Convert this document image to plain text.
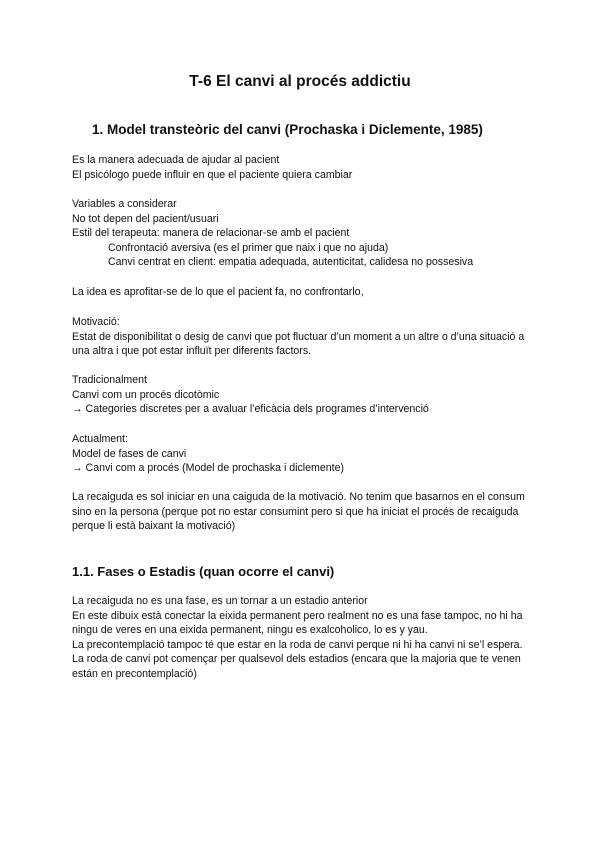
T-6 El canvi al procés addictiu
1. Model transteòric del canvi (Prochaska i Diclemente, 1985)
Es la manera adecuada de ajudar al pacient
El psicólogo puede influir en que el paciente quiera cambiar
Variables a considerar
No tot depen del pacient/usuari
Estil del terapeuta: manera de relacionar-se amb el pacient
Confrontació aversiva (es el primer que naix i que no ajuda)
Canvi centrat en client: empatia adequada, autenticitat, calidesa no possesiva
La idea es aprofitar-se de lo que el pacient fa, no confrontarlo,
Motivació:
Estat de disponibilitat o desig de canvi que pot fluctuar d’un moment a un altre o d’una situació a una altra i que pot estar influït per diferents factors.
Tradicionalment
Canvi com un procés dicotòmic
→ Categories discretes per a avaluar l’eficàcia dels programes d’intervenció
Actualment:
Model de fases de canvi
→ Canvi com a procés (Model de prochaska i diclemente)
La recaiguda es sol iniciar en una caiguda de la motivació. No tenim que basarnos en el consum sino en la persona (perque pot no estar consumint pero si que ha iniciat el procés de recaiguda perque li està baixant la motivació)
1.1. Fases o Estadis (quan ocorre el canvi)
La recaiguda no es una fase, es un tornar a un estadio anterior
En este dibuix està conectar la eixida permanent pero realment no es una fase tampoc, no hi ha ningu de veres en una eixida permanent, ningu es exalcoholico, lo es y yau.
La precontemplació tampoc té que estar en la roda de canvi perque ni hi ha canvi ni se’l espera.
La roda de canvi pot començar per qualsevol dels estadios (encara que la majoria que te venen están en precontemplació)
